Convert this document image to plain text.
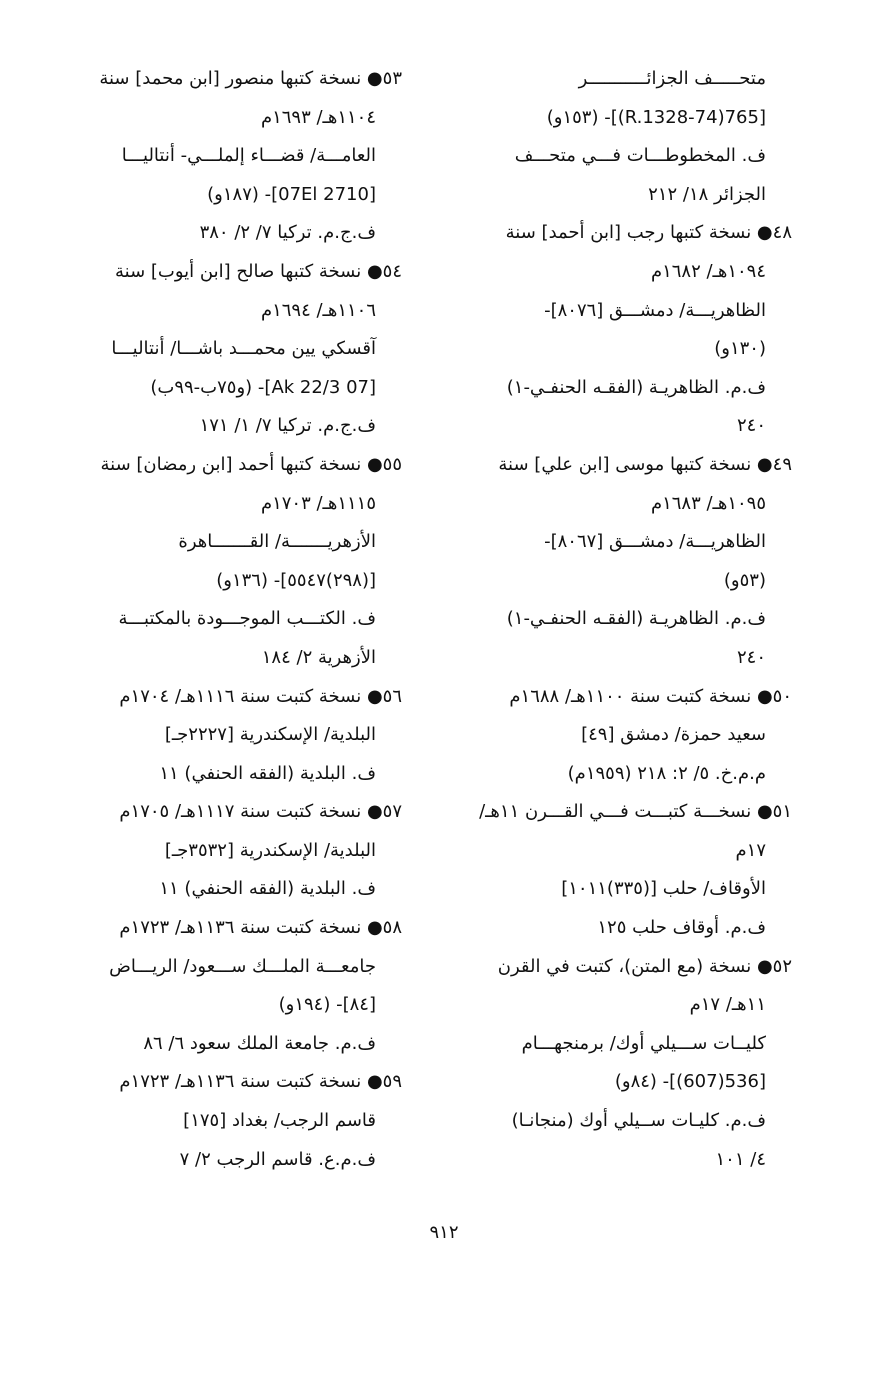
متحـــــف الجزائـــــــــــر
[765(74-R.1328)]- (١٥٣و)
ف. المخطوطـــات فـــي متحـــف
الجزائر ١٨/ ٢١٢
٤٨● نسخة كتبها رجب [ابن أحمد] سنة
١٠٩٤هـ/ ١٦٨٢م
الظاهريـــة/ دمشـــق [٨٠٧٦]-
(١٣٠و)
ف.م. الظاهريـة (الفقـه الحنفـي-١)
٢٤٠
٤٩● نسخة كتبها موسى [ابن علي] سنة
١٠٩٥هـ/ ١٦٨٣م
الظاهريـــة/ دمشـــق [٨٠٦٧]-
(٥٣و)
ف.م. الظاهريـة (الفقـه الحنفـي-١)
٢٤٠
٥٠● نسخة كتبت سنة ١١٠٠هـ/ ١٦٨٨م
سعيد حمزة/ دمشق [٤٩]
م.م.خ. ٥/ ٢: ٢١٨ (١٩٥٩م)
٥١● نسخـــة كتبـــت فـــي القـــرن ١١هـ/
١٧م
الأوقاف/ حلب [(٣٣٥)١٠١١]
ف.م. أوقاف حلب ١٢٥
٥٢● نسخة (مع المتن)، كتبت في القرن
١١هـ/ ١٧م
كليــات ســـيلي أوك/ برمنجهـــام
[536(607)]- (٨٤و)
ف.م. كليـات ســيلي أوك (منجانـا)
٤/ ١٠١
٥٣● نسخة كتبها منصور [ابن محمد] سنة
١١٠٤هـ/ ١٦٩٣م
العامـــة/ قضـــاء إلملـــي- أنتاليـــا
[07El 2710]- (١٨٧و)
ف.ج.م. تركيا ٧/ ٢/ ٣٨٠
٥٤● نسخة كتبها صالح [ابن أيوب] سنة
١١٠٦هـ/ ١٦٩٤م
آقسكي يين محمـــد باشـــا/ أنتاليـــا
[07 Ak 22/3]- (و٧٥ب-٩٩ب)
ف.ج.م. تركيا ٧/ ١/ ١٧١
٥٥● نسخة كتبها أحمد [ابن رمضان] سنة
١١١٥هـ/ ١٧٠٣م
الأزهريـــــــة/ القـــــــاهرة
[(٢٩٨)٥٥٤٧]- (١٣٦و)
ف. الكتـــب الموجـــودة بالمكتبـــة
الأزهرية ٢/ ١٨٤
٥٦● نسخة كتبت سنة ١١١٦هـ/ ١٧٠٤م
البلدية/ الإسكندرية [٢٢٢٧جـ]
ف. البلدية (الفقه الحنفي) ١١
٥٧● نسخة كتبت سنة ١١١٧هـ/ ١٧٠٥م
البلدية/ الإسكندرية [٣٥٣٢جـ]
ف. البلدية (الفقه الحنفي) ١١
٥٨● نسخة كتبت سنة ١١٣٦هـ/ ١٧٢٣م
جامعـــة الملـــك ســـعود/ الريـــاض
[٨٤]- (١٩٤و)
ف.م. جامعة الملك سعود ٦/ ٨٦
٥٩● نسخة كتبت سنة ١١٣٦هـ/ ١٧٢٣م
قاسم الرجب/ بغداد [١٧٥]
ف.م.ع. قاسم الرجب ٢/ ٧
٩١٢
